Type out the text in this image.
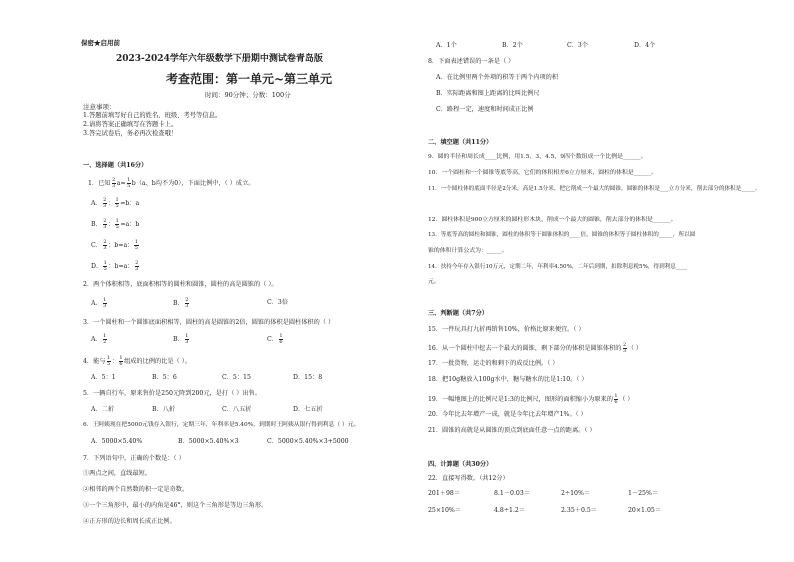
保密★启用前
2023-2024学年六年级数学下册期中测试卷青岛版
考查范围：第一单元~第三单元
时间：90分钟；分数：100分
注意事项：
1.答题前填写好自己的姓名、班级、考号等信息。
2.请将答案正确填写在答题卡上。
3.答完试卷后，务必再次检查哦！
一、选择题（共16分）
1．已知 $\frac{2}{3} a= \frac{1}{5} b(a$、b均不为0），下面比例中，（ ）成立。
A． $\frac{2}{3}$ ： $\frac{1}{5} =b$：a
B． $\frac{2}{3}$ ： $\frac{1}{5} =a$：b
C． $\frac{2}{3}$ ：b=a： $\frac{1}{5}$
D． $\frac{1}{5}$ ：b=a： $\frac{2}{3}$
2．两个体积相等，底面积相等的圆柱和圆锥，圆柱的高是圆锥的（ ）。
A． $\frac{1}{3}$	B． $\frac{2}{3}$	C．3倍
3．一个圆柱和一个圆锥底面积相等，圆柱的高是圆锥的2倍，圆锥的体积是圆柱体积的（ ）
A． $\frac{1}{2}$	B． $\frac{1}{3}$	C． $\frac{1}{6}$
4．能与 $\frac{1}{5}$ ： $\frac{1}{6}$ 组成的比例的比是（ ）。
A．5：1	B．5：6	C．5：15	D．15：8
5．一辆自行车，原来售价是250元降到200元，是打（ ）出售。
A．二折	B．八折	C．八五折	D．七五折
6．王阿姨现在把5000元钱存入银行，定期三年，年利率是5.40%，到期时王阿姨从银行得到利息（ ）元。
A．5000×5.40%	B．5000×5.40%×3	C．5000×5.40%×3+5000
7．下列语句中，正确的个数是：（ ）
①两点之间，直线最短。
②相邻的两个自然数的积一定是奇数。
③一个三角形中，最小的内角是46°，则这个三角形是等边三角形。
④正方形的边长和周长成正比例。
A．1个	B．2个	C．3个	D．4个
8．下面表述错误的一条是（ ）
A．在比例里两个外项的积等于两个内项的积
B．实际距离和图上距离的比叫比例尺
C．路程一定，速度和时间成正比例
二、填空题（共11分）
9．圆的半径和周长成____比例，用1.5、3、4.5、9四个数组成一个比例是______。
10．一个圆柱和一个圆锥等底等高，它们的体积相差6立方厘米，圆柱的体积是______。
11．一个圆柱体的底面半径是2分米，高是1.5分米，把它削成一个最大的圆锥，圆锥的体积是___立方分米，削去部分的体积是_____。
12．圆柱体积是900立方厘米的圆柱形木块，削成一个最大的圆锥，削去部分的体积是______。
13．等底等高的圆柱和圆锥，圆柱的体积等于圆锥体积的____倍，圆锥的体积等于圆柱体积的_____，所以圆
锥的体积计算公式为：_____。
14．扶持今年存入银行10万元，定期二年，年利率4.50%，二年后到期，扣除利息税5%，得到利息____
元。
三、判断题（共7分）
15．一件玩具打九折再销售10%，价格比原来便宜。（ ）
16．从一个圆柱中挖去一个最大的圆锥，剩下部分的体积是圆锥体积的 $\frac{2}{3}$ （ ）
17．一批货物，运走的和剩下的成反比例。（ ）
18．把10g糖放入100g水中，糖与糖水的比是1:10。（ ）
19．一幅地图上的比例尺是1:3的比例尺，图形的面积缩小为原来的 $\frac{1}{6}$ （ ）
20．今年比去年增产一成，就是今年比去年增产1%。（ ）
21．圆锥的高就是从圆锥的顶点到底面任意一点的距离。（ ）
四、计算题（共30分）
22．直接写得数。（共12分）
201＋98＝	8.1－0.03＝	2÷10%＝	1－25%＝
25×10%＝	4.8÷1.2＝	2.35＋0.5＝	20×1.05＝
